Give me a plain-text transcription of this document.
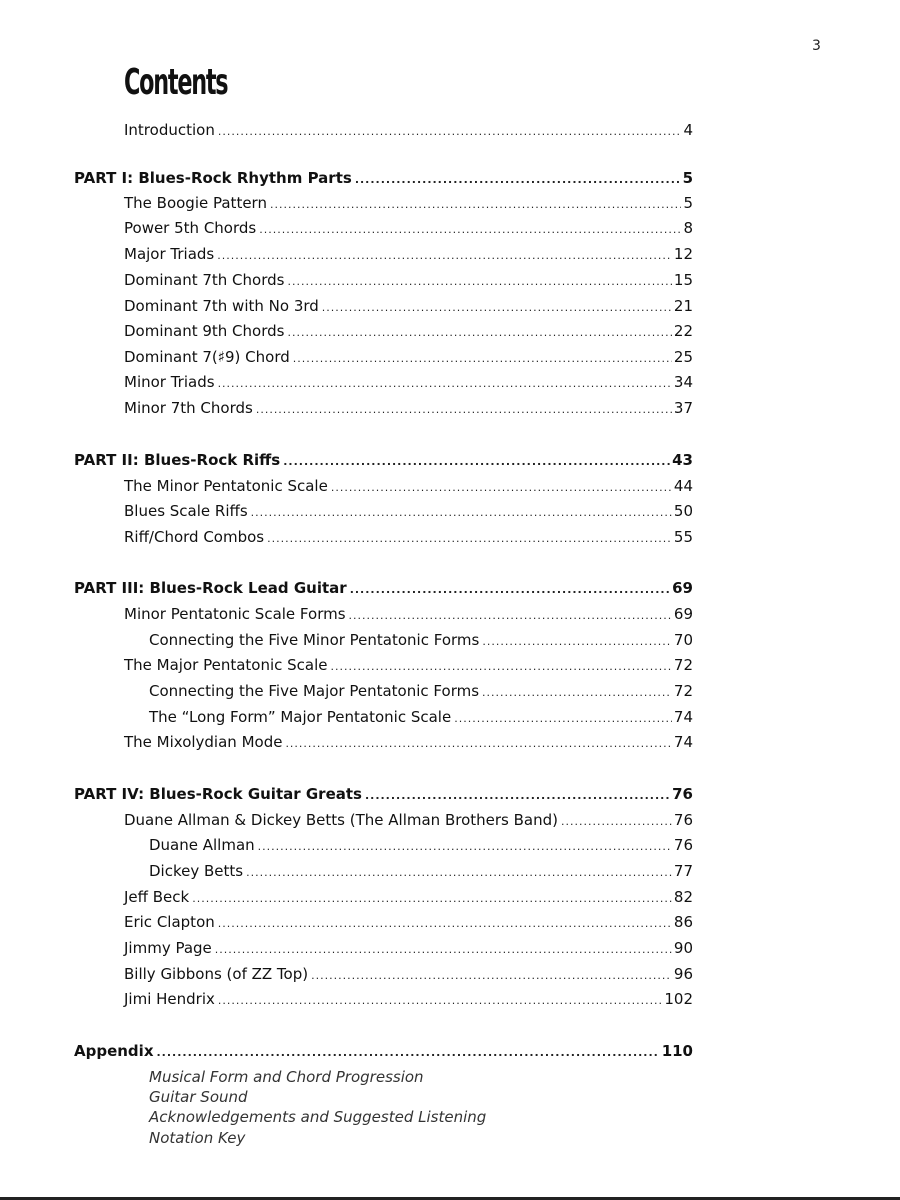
3
Contents
Introduction .....	4
PART I: Blues-Rock Rhythm Parts .....	5
The Boogie Pattern .....	5
Power 5th Chords .....	8
Major Triads .....	12
Dominant 7th Chords .....	15
Dominant 7th with No 3rd .....	21
Dominant 9th Chords .....	22
Dominant 7(♯9) Chord .....	25
Minor Triads .....	34
Minor 7th Chords .....	37
PART II: Blues-Rock Riffs .....	43
The Minor Pentatonic Scale .....	44
Blues Scale Riffs .....	50
Riff/Chord Combos .....	55
PART III: Blues-Rock Lead Guitar .....	69
Minor Pentatonic Scale Forms .....	69
Connecting the Five Minor Pentatonic Forms .....	70
The Major Pentatonic Scale .....	72
Connecting the Five Major Pentatonic Forms .....	72
The “Long Form” Major Pentatonic Scale .....	74
The Mixolydian Mode .....	74
PART IV: Blues-Rock Guitar Greats .....	76
Duane Allman & Dickey Betts (The Allman Brothers Band) .....	76
Duane Allman .....	76
Dickey Betts .....	77
Jeff Beck .....	82
Eric Clapton .....	86
Jimmy Page .....	90
Billy Gibbons (of ZZ Top) .....	96
Jimi Hendrix .....	102
Appendix .....	110
Musical Form and Chord Progression
Guitar Sound
Acknowledgements and Suggested Listening
Notation Key
